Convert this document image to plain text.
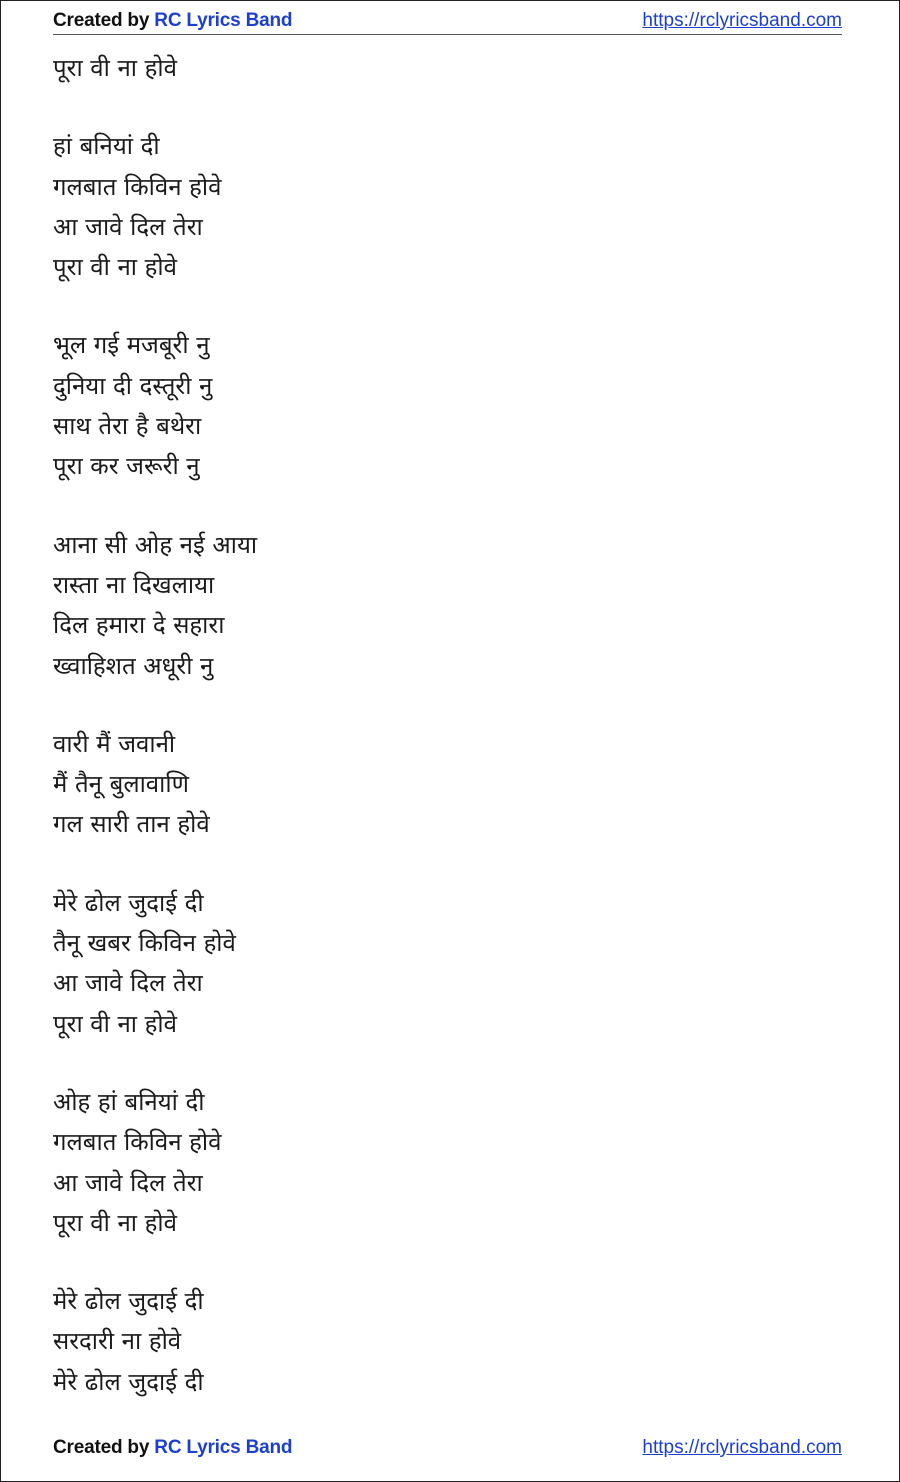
Created by RC Lyrics Band	https://rclyricsband.com
पूरा वी ना होवे
हां बनियां दी
गलबात किविन होवे
आ जावे दिल तेरा
पूरा वी ना होवे
भूल गई मजबूरी नु
दुनिया दी दस्तूरी नु
साथ तेरा है बथेरा
पूरा कर जरूरी नु
आना सी ओह नई आया
रास्ता ना दिखलाया
दिल हमारा दे सहारा
ख्वाहिशत अधूरी नु
वारी मैं जवानी
मैं तैनू बुलावाणि
गल सारी तान होवे
मेरे ढोल जुदाई दी
तैनू खबर किविन होवे
आ जावे दिल तेरा
पूरा वी ना होवे
ओह हां बनियां दी
गलबात किविन होवे
आ जावे दिल तेरा
पूरा वी ना होवे
मेरे ढोल जुदाई दी
सरदारी ना होवे
मेरे ढोल जुदाई दी
Created by RC Lyrics Band	https://rclyricsband.com
